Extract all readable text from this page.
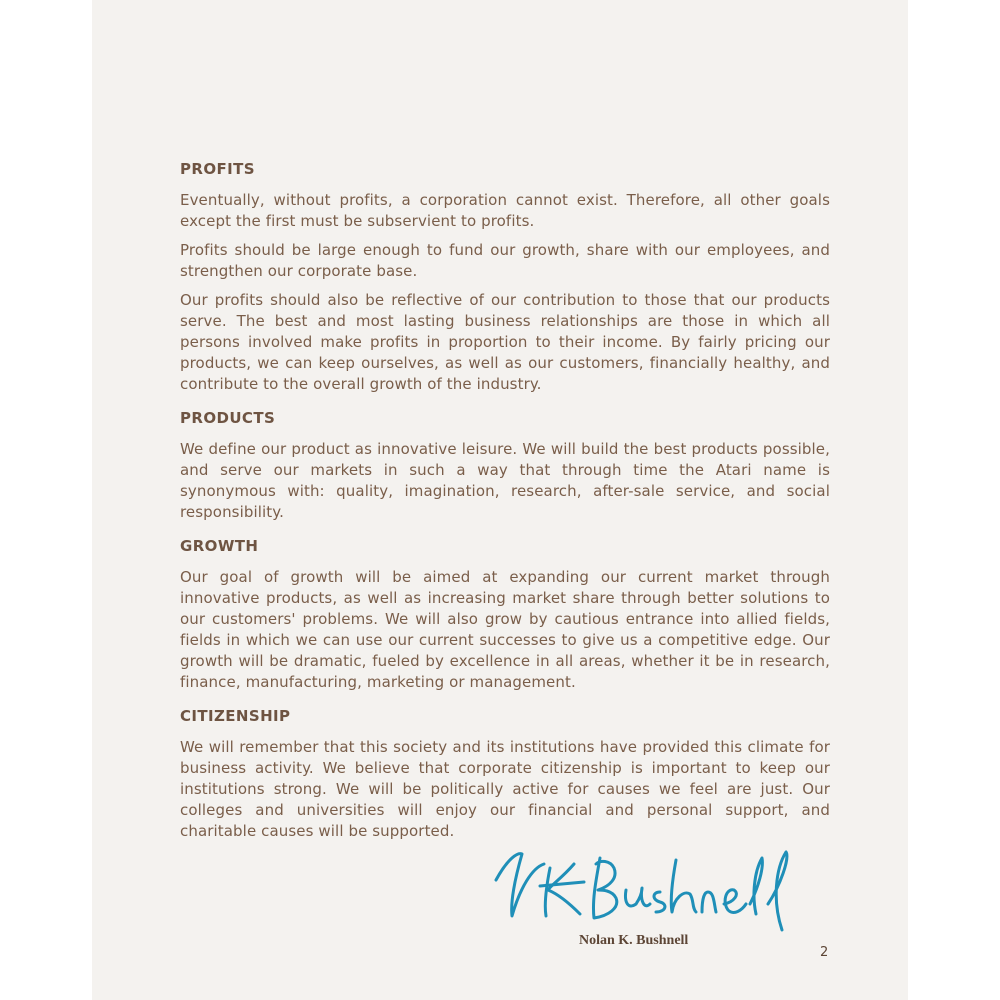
PROFITS

Eventually, without profits, a corporation cannot exist. Therefore, all other goals except the first must be subservient to profits.

Profits should be large enough to fund our growth, share with our employees, and strengthen our corporate base.

Our profits should also be reflective of our contribution to those that our products serve. The best and most lasting business relationships are those in which all persons involved make profits in proportion to their income. By fairly pricing our products, we can keep ourselves, as well as our customers, financially healthy, and contribute to the overall growth of the industry.

PRODUCTS

We define our product as innovative leisure. We will build the best products possible, and serve our markets in such a way that through time the Atari name is synonymous with: quality, imagination, research, after-sale service, and social responsibility.

GROWTH

Our goal of growth will be aimed at expanding our current market through innovative products, as well as increasing market share through better solutions to our customers' problems. We will also grow by cautious entrance into allied fields, fields in which we can use our current successes to give us a competitive edge. Our growth will be dramatic, fueled by excellence in all areas, whether it be in research, finance, manufacturing, marketing or management.

CITIZENSHIP

We will remember that this society and its institutions have provided this climate for business activity. We believe that corporate citizenship is important to keep our institutions strong. We will be politically active for causes we feel are just. Our colleges and universities will enjoy our financial and personal support, and charitable causes will be supported.

Nolan K. Bushnell
2
